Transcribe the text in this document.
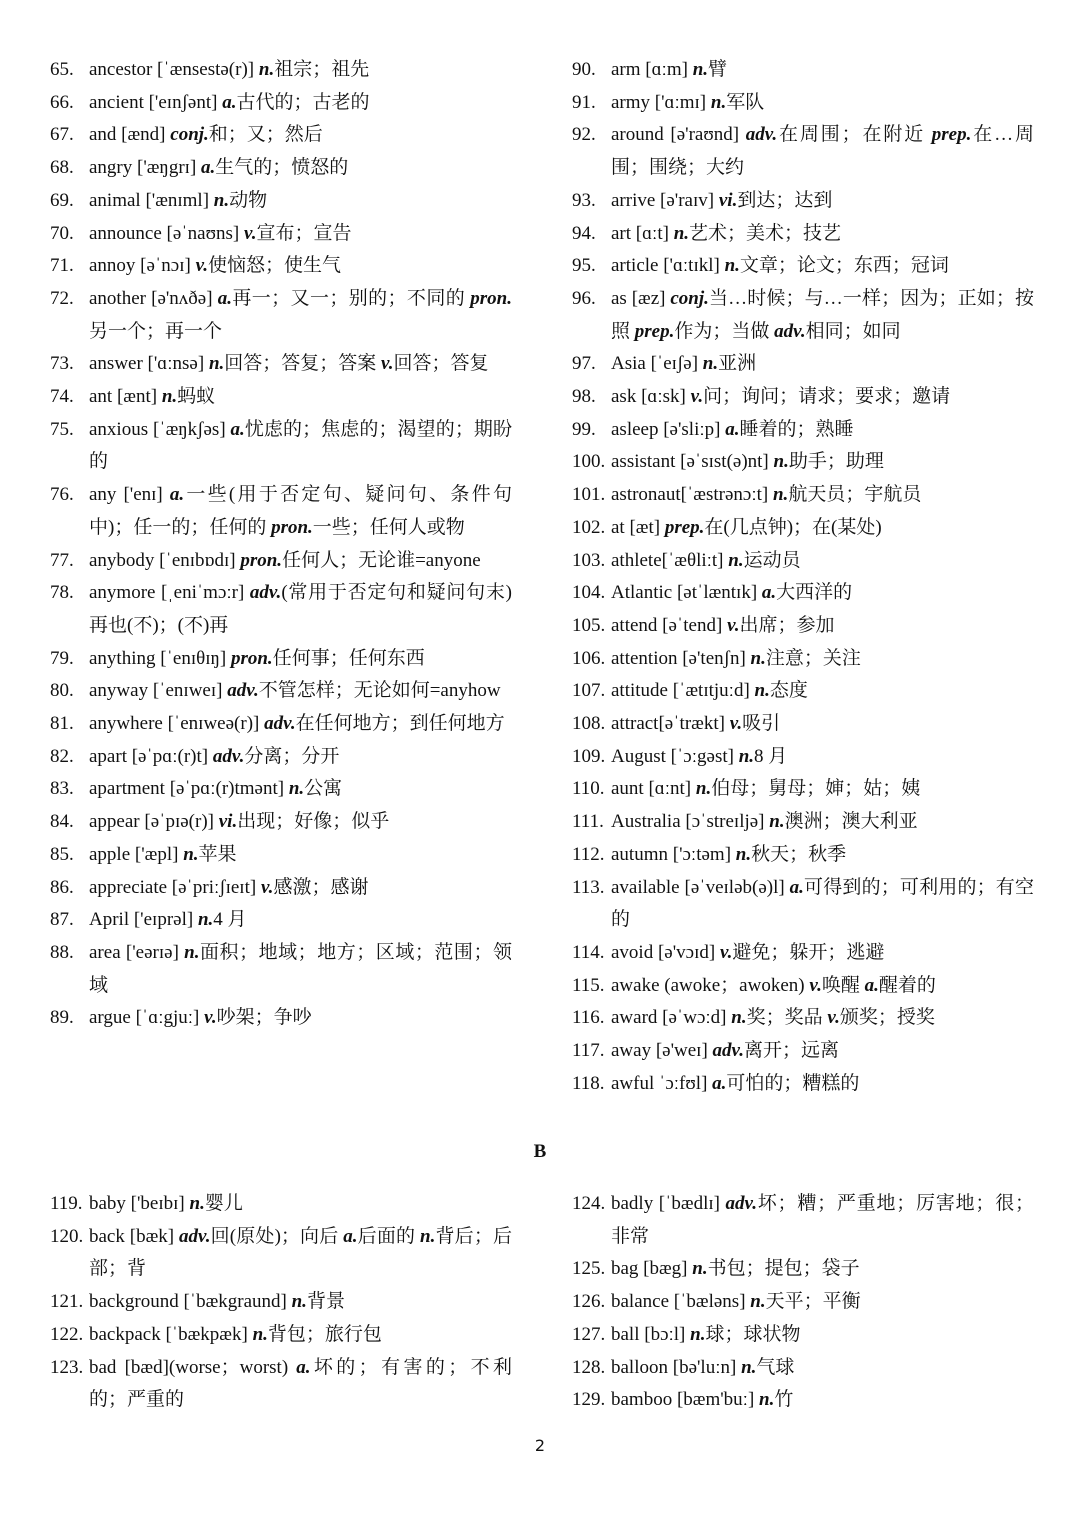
65. ancestor [ˈænsestə(r)] n.祖宗；祖先
66. ancient ['eɪnʃənt] a.古代的；古老的
67. and [ænd] conj.和；又；然后
68. angry ['æŋgrɪ] a.生气的；愤怒的
69. animal ['ænɪml] n.动物
70. announce [əˈnaʊns] v.宣布；宣告
71. annoy [əˈnɔɪ] v.使恼怒；使生气
72. another [ə'nʌðə] a.再一；又一；别的；不同的 pron.另一个；再一个
73. answer ['ɑːnsə] n.回答；答复；答案 v.回答；答复
74. ant [ænt] n.蚂蚁
75. anxious [ˈæŋkʃəs] a.忧虑的；焦虑的；渴望的；期盼的
76. any ['enɪ] a.一些(用于否定句、疑问句、条件句中)；任一的；任何的 pron.一些；任何人或物
77. anybody [ˈenɪbɒdɪ] pron.任何人；无论谁=anyone
78. anymore [ˌeniˈmɔːr] adv.(常用于否定句和疑问句末)再也(不)；(不)再
79. anything [ˈenɪθɪŋ] pron.任何事；任何东西
80. anyway [ˈenɪweɪ] adv.不管怎样；无论如何=anyhow
81. anywhere [ˈenɪweə(r)] adv.在任何地方；到任何地方
82. apart [əˈpɑː(r)t] adv.分离；分开
83. apartment [əˈpɑː(r)tmənt] n.公寓
84. appear [əˈpɪə(r)] vi.出现；好像；似乎
85. apple ['æpl] n.苹果
86. appreciate [əˈpriːʃɪeɪt] v.感激；感谢
87. April ['eɪprəl] n.4 月
88. area ['eərɪə] n.面积；地域；地方；区域；范围；领域
89. argue [ˈɑːgjuː] v.吵架；争吵
90. arm [ɑːm] n.臂
91. army ['ɑːmɪ] n.军队
92. around [ə'raʊnd] adv.在周围；在附近 prep.在…周围；围绕；大约
93. arrive [ə'raɪv] vi.到达；达到
94. art [ɑːt] n.艺术；美术；技艺
95. article ['ɑːtɪkl] n.文章；论文；东西；冠词
96. as [æz] conj.当…时候；与…一样；因为；正如；按照 prep.作为；当做 adv.相同；如同
97. Asia [ˈeɪʃə] n.亚洲
98. ask [ɑːsk] v.问；询问；请求；要求；邀请
99. asleep [ə'sliːp] a.睡着的；熟睡
100. assistant [əˈsɪst(ə)nt] n.助手；助理
101. astronaut[ˈæstrənɔːt] n.航天员；宇航员
102. at [æt] prep.在(几点钟)；在(某处)
103. athlete[ˈæθliːt] n.运动员
104. Atlantic [ətˈlæntɪk] a.大西洋的
105. attend [əˈtend] v.出席；参加
106. attention [ə'tenʃn] n.注意；关注
107. attitude [ˈætɪtjuːd] n.态度
108. attract[əˈtrækt] v.吸引
109. August [ˈɔːgəst] n.8 月
110. aunt [ɑːnt] n.伯母；舅母；婶；姑；姨
111. Australia [ɔˈstreɪljə] n.澳洲；澳大利亚
112. autumn ['ɔːtəm] n.秋天；秋季
113. available [əˈveɪləb(ə)l] a.可得到的；可利用的；有空的
114. avoid [ə'vɔɪd] v.避免；躲开；逃避
115. awake (awoke；awoken) v.唤醒 a.醒着的
116. award [əˈwɔːd] n.奖；奖品 v.颁奖；授奖
117. away [ə'weɪ] adv.离开；远离
118. awful ˈɔːfʊl] a.可怕的；糟糕的
B
119. baby ['beɪbɪ] n.婴儿
120. back [bæk] adv.回(原处)；向后 a.后面的 n.背后；后部；背
121. background [ˈbækgraund] n.背景
122. backpack [ˈbækpæk] n.背包；旅行包
123. bad [bæd](worse；worst) a.坏的；有害的；不利的；严重的
124. badly [ˈbædlɪ] adv.坏；糟；严重地；厉害地；很；非常
125. bag [bæg] n.书包；提包；袋子
126. balance [ˈbæləns] n.天平；平衡
127. ball [bɔːl] n.球；球状物
128. balloon [bə'luːn] n.气球
129. bamboo [bæm'buː] n.竹
2
